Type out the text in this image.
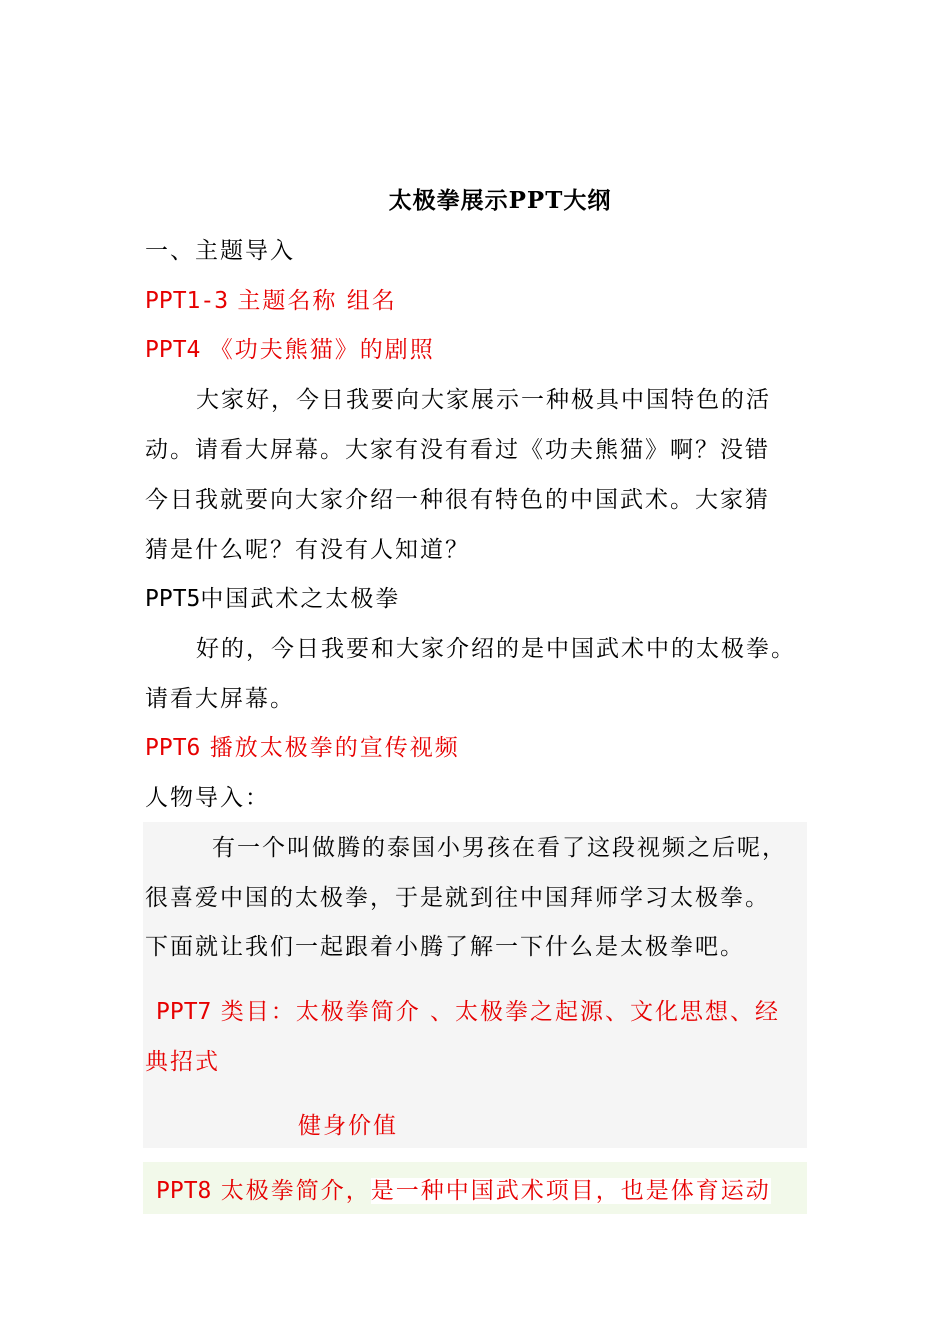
太极拳展示PPT大纲
一、主题导入
PPT1-3 主题名称 组名
PPT4 《功夫熊猫》的剧照
大家好，今日我要向大家展示一种极具中国特色的活
动。请看大屏幕。大家有没有看过《功夫熊猫》啊？没错
今日我就要向大家介绍一种很有特色的中国武术。大家猜
猜是什么呢？有没有人知道？
PPT5中国武术之太极拳
好的，今日我要和大家介绍的是中国武术中的太极拳。
请看大屏幕。
PPT6 播放太极拳的宣传视频
人物导入：
有一个叫做腾的泰国小男孩在看了这段视频之后呢，
很喜爱中国的太极拳，于是就到往中国拜师学习太极拳。
下面就让我们一起跟着小腾了解一下什么是太极拳吧。
PPT7 类目：太极拳简介 、太极拳之起源、文化思想、经
典招式
健身价值
PPT8 太极拳简介，是一种中国武术项目，也是体育运动
